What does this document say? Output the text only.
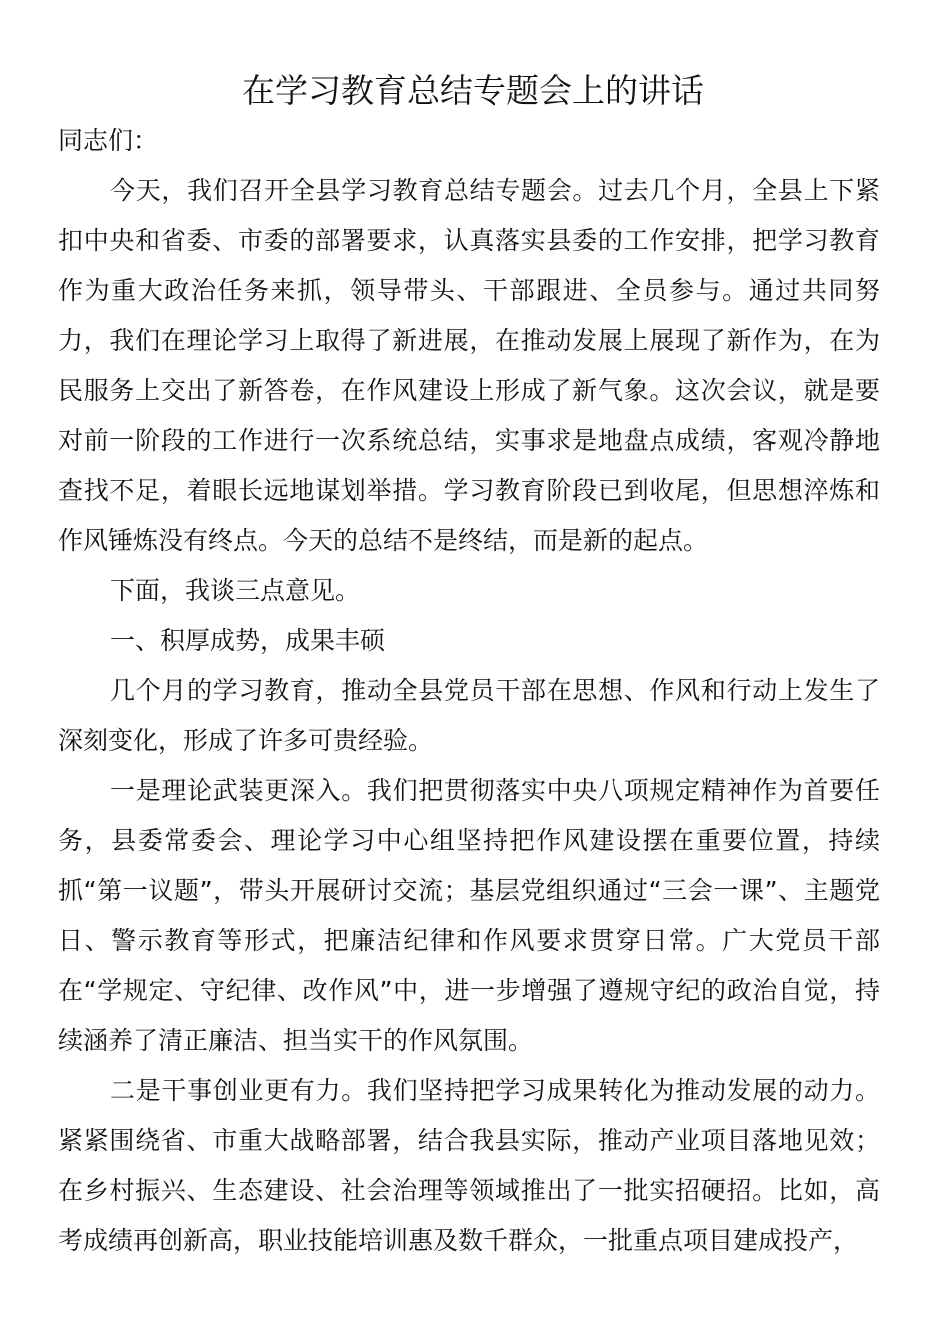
在学习教育总结专题会上的讲话

同志们：

今天，我们召开全县学习教育总结专题会。过去几个月，全县上下紧扣中央和省委、市委的部署要求，认真落实县委的工作安排，把学习教育作为重大政治任务来抓，领导带头、干部跟进、全员参与。通过共同努力，我们在理论学习上取得了新进展，在推动发展上展现了新作为，在为民服务上交出了新答卷，在作风建设上形成了新气象。这次会议，就是要对前一阶段的工作进行一次系统总结，实事求是地盘点成绩，客观冷静地查找不足，着眼长远地谋划举措。学习教育阶段已到收尾，但思想淬炼和作风锤炼没有终点。今天的总结不是终结，而是新的起点。

下面，我谈三点意见。

一、积厚成势，成果丰硕

几个月的学习教育，推动全县党员干部在思想、作风和行动上发生了深刻变化，形成了许多可贵经验。

一是理论武装更深入。我们把贯彻落实中央八项规定精神作为首要任务，县委常委会、理论学习中心组坚持把作风建设摆在重要位置，持续抓“第一议题”，带头开展研讨交流；基层党组织通过“三会一课”、主题党日、警示教育等形式，把廉洁纪律和作风要求贯穿日常。广大党员干部在“学规定、守纪律、改作风”中，进一步增强了遵规守纪的政治自觉，持续涵养了清正廉洁、担当实干的作风氛围。

二是干事创业更有力。我们坚持把学习成果转化为推动发展的动力。紧紧围绕省、市重大战略部署，结合我县实际，推动产业项目落地见效；在乡村振兴、生态建设、社会治理等领域推出了一批实招硬招。比如，高考成绩再创新高，职业技能培训惠及数千群众，一批重点项目建成投产，
